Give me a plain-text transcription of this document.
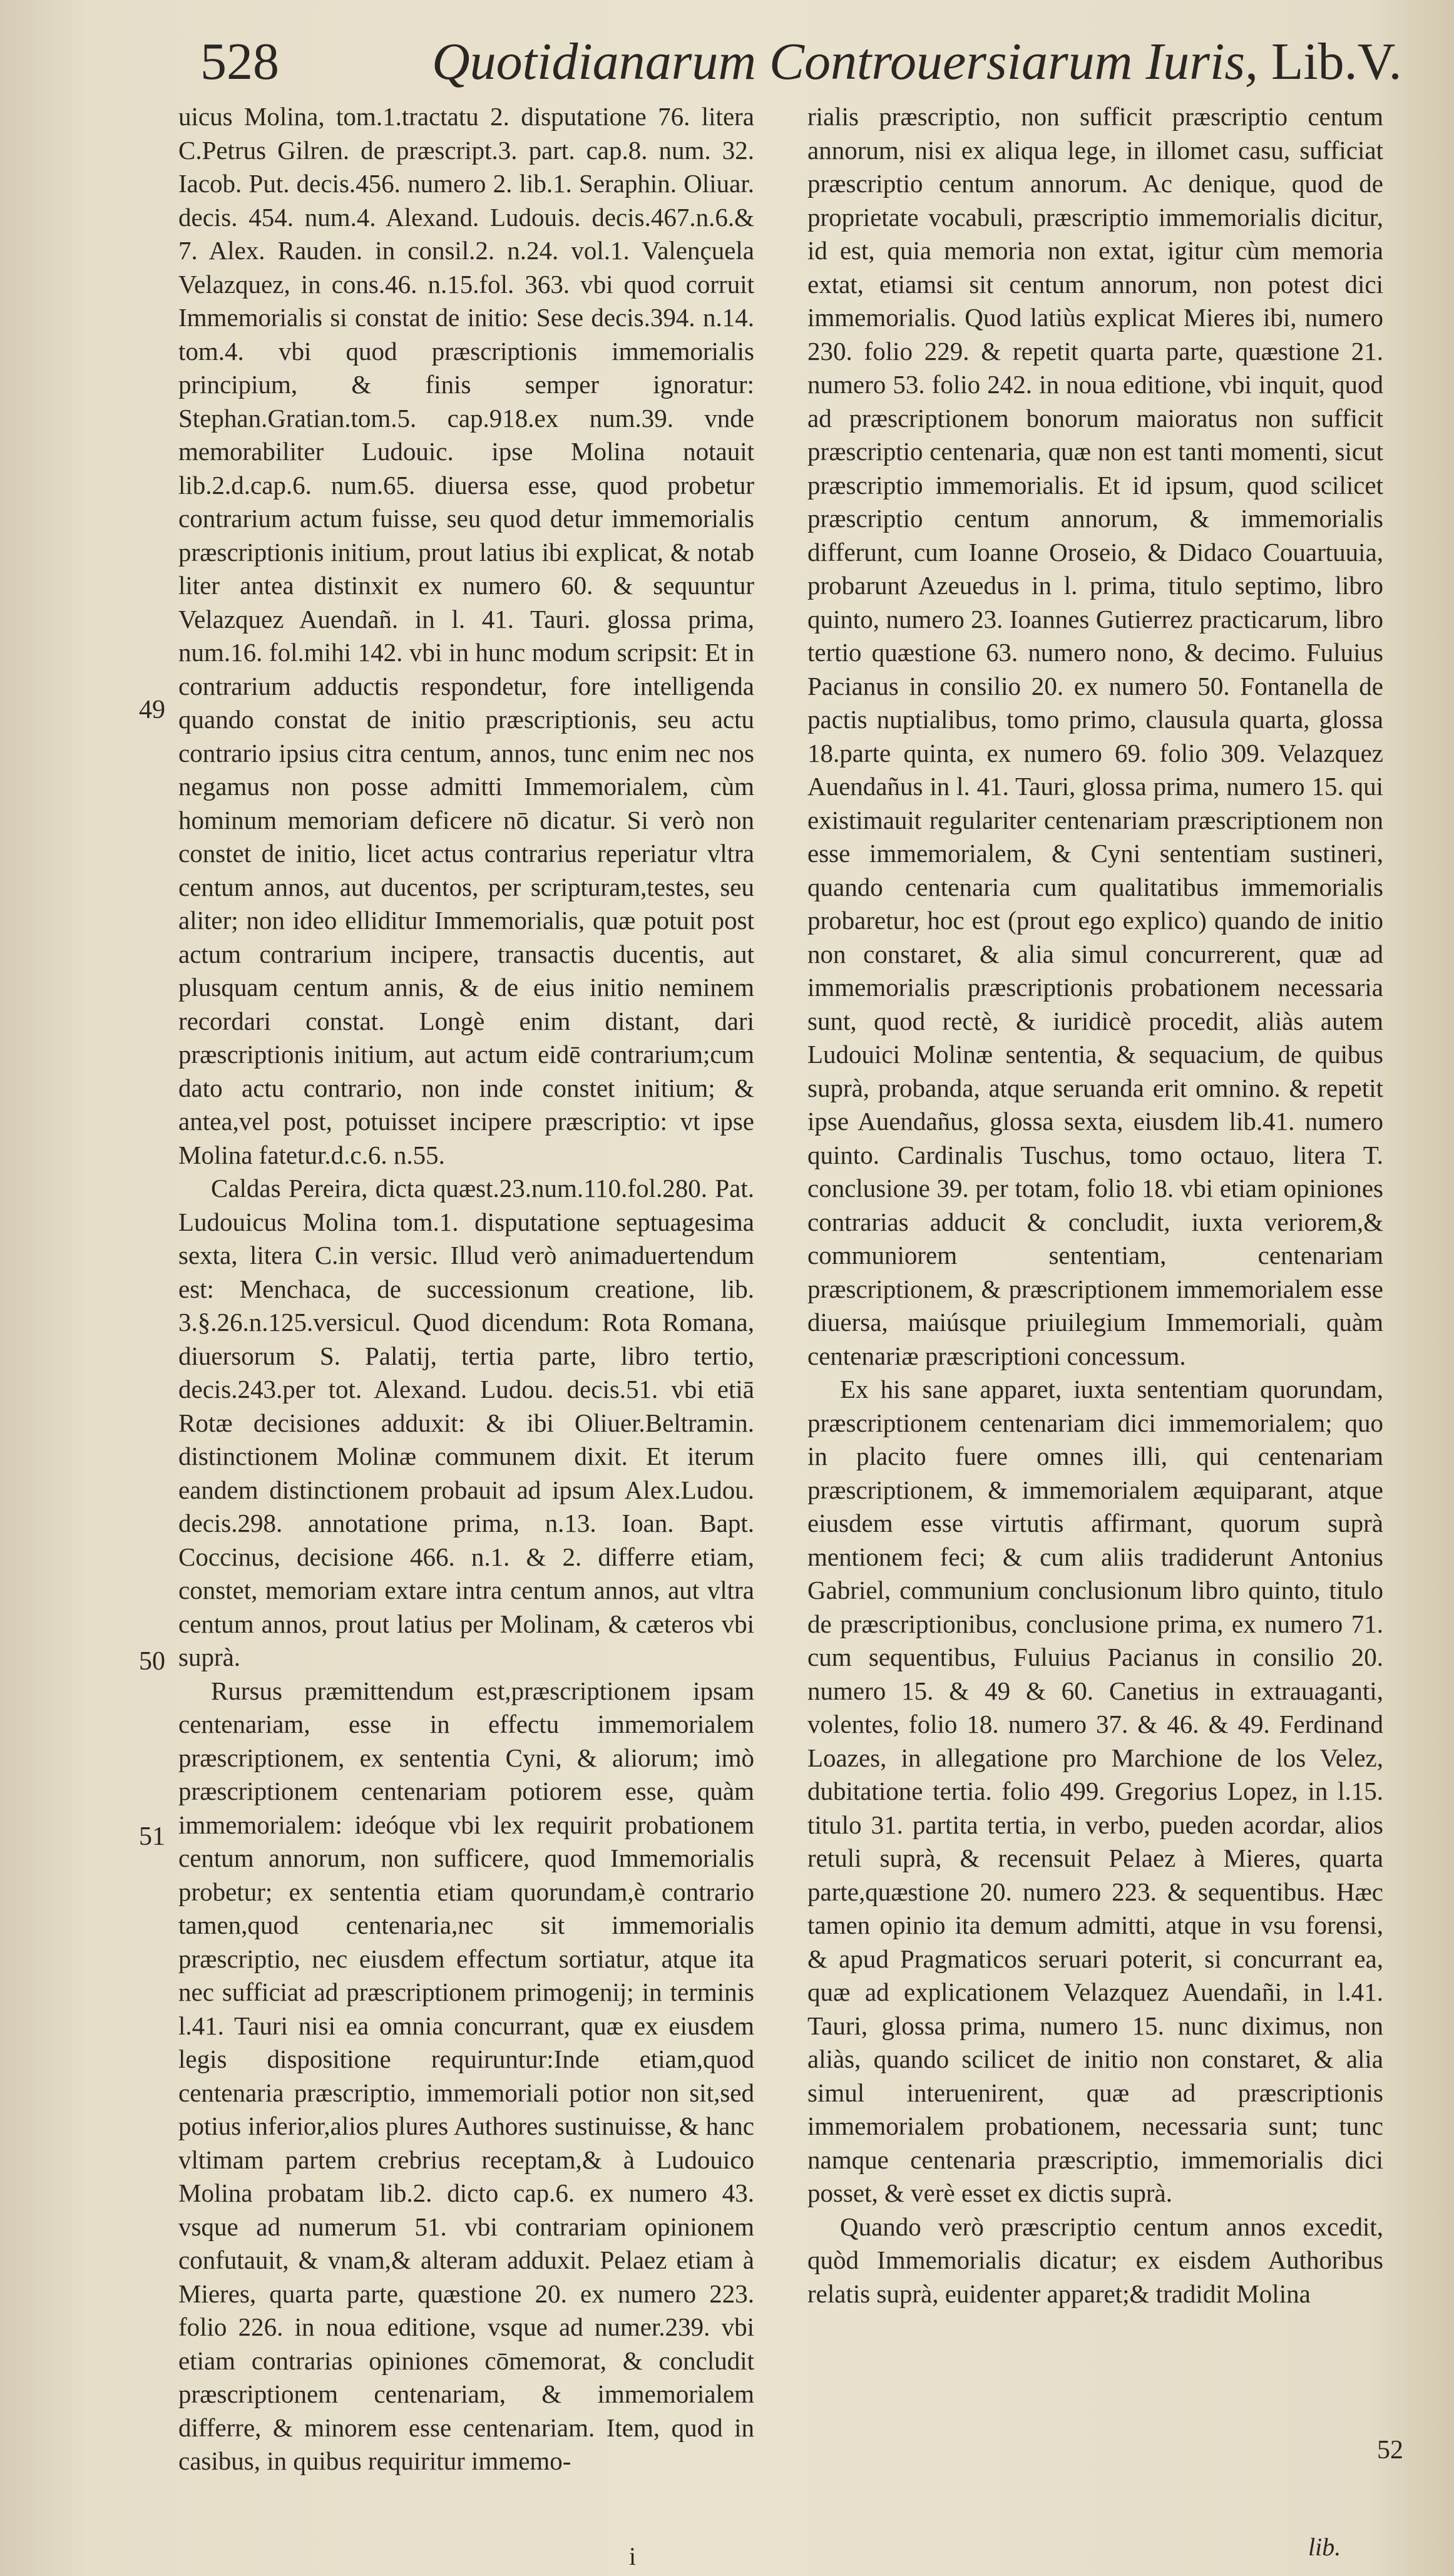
528	Quotidianarum Controuersiarum Iuris, Lib.V.

uicus Molina, tom.1.tractatu 2. disputatione 76. litera C.Petrus Gilren. de præscript.3. part. cap.8. num. 32. Iacob. Put. decis.456. numero 2. lib.1. Seraphin. Oliuar. decis. 454. num.4. Alexand. Ludouis. decis.467.n.6.& 7. Alex. Rauden. in consil.2. n.24. vol.1. Valençuela Velazquez, in cons.46. n.15.fol. 363. vbi quod corruit Immemorialis si constat de initio: Sese decis.394. n.14. tom.4. vbi quod præscriptionis immemorialis principium, & finis semper ignoratur: Stephan.Gratian.tom.5. cap.918.ex num.39. vnde memorabiliter Ludouic. ipse Molina notauit lib.2.d.cap.6. num.65. diuersa esse, quod probetur contrarium actum fuisse, seu quod detur immemorialis præscriptionis initium, prout latius ibi explicat, & notab liter antea distinxit ex numero 60. & sequuntur Velazquez Auendañ. in l. 41. Tauri. glossa prima, num.16. fol.mihi 142. vbi in hunc modum scripsit: Et in contrarium adductis respondetur, fore intelligenda quando constat de initio præscriptionis, seu actu contrario ipsius citra centum, annos, tunc enim nec nos negamus non posse admitti Immemorialem, cùm hominum memoriam deficere nō dicatur. Si verò non constet de initio, licet actus contrarius reperiatur vltra centum annos, aut ducentos, per scripturam,testes, seu aliter; non ideo elliditur Immemorialis, quæ potuit post actum contrarium incipere, transactis ducentis, aut plusquam centum annis, & de eius initio neminem recordari constat. Longè enim distant, dari præscriptionis initium, aut actum eidē contrarium;cum dato actu contrario, non inde constet initium; & antea,vel post, potuisset incipere præscriptio: vt ipse Molina fatetur.d.c.6. n.55.

Caldas Pereira, dicta quæst.23.num.110.fol.280. Pat. Ludouicus Molina tom.1. disputatione septuagesima sexta, litera C.in versic. Illud verò animaduertendum est: Menchaca, de successionum creatione, lib. 3.§.26.n.125.versicul. Quod dicendum: Rota Romana, diuersorum S. Palatij, tertia parte, libro tertio, decis.243.per tot. Alexand. Ludou. decis.51. vbi etiā Rotæ decisiones adduxit: & ibi Oliuer.Beltramin. distinctionem Molinæ communem dixit. Et iterum eandem distinctionem probauit ad ipsum Alex.Ludou. decis.298. annotatione prima, n.13. Ioan. Bapt. Coccinus, decisione 466. n.1. & 2. differre etiam, constet, memoriam extare intra centum annos, aut vltra centum annos, prout latius per Molinam, & cæteros vbi suprà.

Rursus præmittendum est,præscriptionem ipsam centenariam, esse in effectu immemorialem præscriptionem, ex sententia Cyni, & aliorum; imò præscriptionem centenariam potiorem esse, quàm immemorialem: ideóque vbi lex requirit probationem centum annorum, non sufficere, quod Immemorialis probetur; ex sententia etiam quorundam,è contrario tamen,quod centenaria,nec sit immemorialis præscriptio, nec eiusdem effectum sortiatur, atque ita nec sufficiat ad præscriptionem primogenij; in terminis l.41. Tauri nisi ea omnia concurrant, quæ ex eiusdem legis dispositione requiruntur:Inde etiam,quod centenaria præscriptio, immemoriali potior non sit,sed potius inferior,alios plures Authores sustinuisse, & hanc vltimam partem crebrius receptam,& à Ludouico Molina probatam lib.2. dicto cap.6. ex numero 43. vsque ad numerum 51. vbi contrariam opinionem confutauit, & vnam,& alteram adduxit. Pelaez etiam à Mieres, quarta parte, quæstione 20. ex numero 223. folio 226. in noua editione, vsque ad numer.239. vbi etiam contrarias opiniones cōmemorat, & concludit præscriptionem centenariam, & immemorialem differre, & minorem esse centenariam. Item, quod in casibus, in quibus requiritur immemo-

rialis præscriptio, non sufficit præscriptio centum annorum, nisi ex aliqua lege, in illomet casu, sufficiat præscriptio centum annorum. Ac denique, quod de proprietate vocabuli, præscriptio immemorialis dicitur, id est, quia memoria non extat, igitur cùm memoria extat, etiamsi sit centum annorum, non potest dici immemorialis. Quod latiùs explicat Mieres ibi, numero 230. folio 229. & repetit quarta parte, quæstione 21. numero 53. folio 242. in noua editione, vbi inquit, quod ad præscriptionem bonorum maioratus non sufficit præscriptio centenaria, quæ non est tanti momenti, sicut præscriptio immemorialis. Et id ipsum, quod scilicet præscriptio centum annorum, & immemorialis differunt, cum Ioanne Oroseio, & Didaco Couartuuia, probarunt Azeuedus in l. prima, titulo septimo, libro quinto, numero 23. Ioannes Gutierrez practicarum, libro tertio quæstione 63. numero nono, & decimo. Fuluius Pacianus in consilio 20. ex numero 50. Fontanella de pactis nuptialibus, tomo primo, clausula quarta, glossa 18.parte quinta, ex numero 69. folio 309. Velazquez Auendañus in l. 41. Tauri, glossa prima, numero 15. qui existimauit regulariter centenariam præscriptionem non esse immemorialem, & Cyni sententiam sustineri, quando centenaria cum qualitatibus immemorialis probaretur, hoc est (prout ego explico) quando de initio non constaret, & alia simul concurrerent, quæ ad immemorialis præscriptionis probationem necessaria sunt, quod rectè, & iuridicè procedit, aliàs autem Ludouici Molinæ sententia, & sequacium, de quibus suprà, probanda, atque seruanda erit omnino. & repetit ipse Auendañus, glossa sexta, eiusdem lib.41. numero quinto. Cardinalis Tuschus, tomo octauo, litera T. conclusione 39. per totam, folio 18. vbi etiam opiniones contrarias adducit & concludit, iuxta veriorem,& communiorem sententiam, centenariam præscriptionem, & præscriptionem immemorialem esse diuersa, maiúsque priuilegium Immemoriali, quàm centenariæ præscriptioni concessum.

Ex his sane apparet, iuxta sententiam quorundam, præscriptionem centenariam dici immemorialem; quo in placito fuere omnes illi, qui centenariam præscriptionem, & immemorialem æquiparant, atque eiusdem esse virtutis affirmant, quorum suprà mentionem feci; & cum aliis tradiderunt Antonius Gabriel, communium conclusionum libro quinto, titulo de præscriptionibus, conclusione prima, ex numero 71. cum sequentibus, Fuluius Pacianus in consilio 20. numero 15. & 49 & 60. Canetius in extrauaganti, volentes, folio 18. numero 37. & 46. & 49. Ferdinand Loazes, in allegatione pro Marchione de los Velez, dubitatione tertia. folio 499. Gregorius Lopez, in l.15. titulo 31. partita tertia, in verbo, pueden acordar, alios retuli suprà, & recensuit Pelaez à Mieres, quarta parte,quæstione 20. numero 223. & sequentibus. Hæc tamen opinio ita demum admitti, atque in vsu forensi, & apud Pragmaticos seruari poterit, si concurrant ea, quæ ad explicationem Velazquez Auendañi, in l.41. Tauri, glossa prima, numero 15. nunc diximus, non aliàs, quando scilicet de initio non constaret, & alia simul interuenirent, quæ ad præscriptionis immemorialem probationem, necessaria sunt; tunc namque centenaria præscriptio, immemorialis dici posset, & verè esset ex dictis suprà.

Quando verò præscriptio centum annos excedit, quòd Immemorialis dicatur; ex eisdem Authoribus relatis suprà, euidenter apparet;& tradidit Molina

49
50
51
52
i	lib.
